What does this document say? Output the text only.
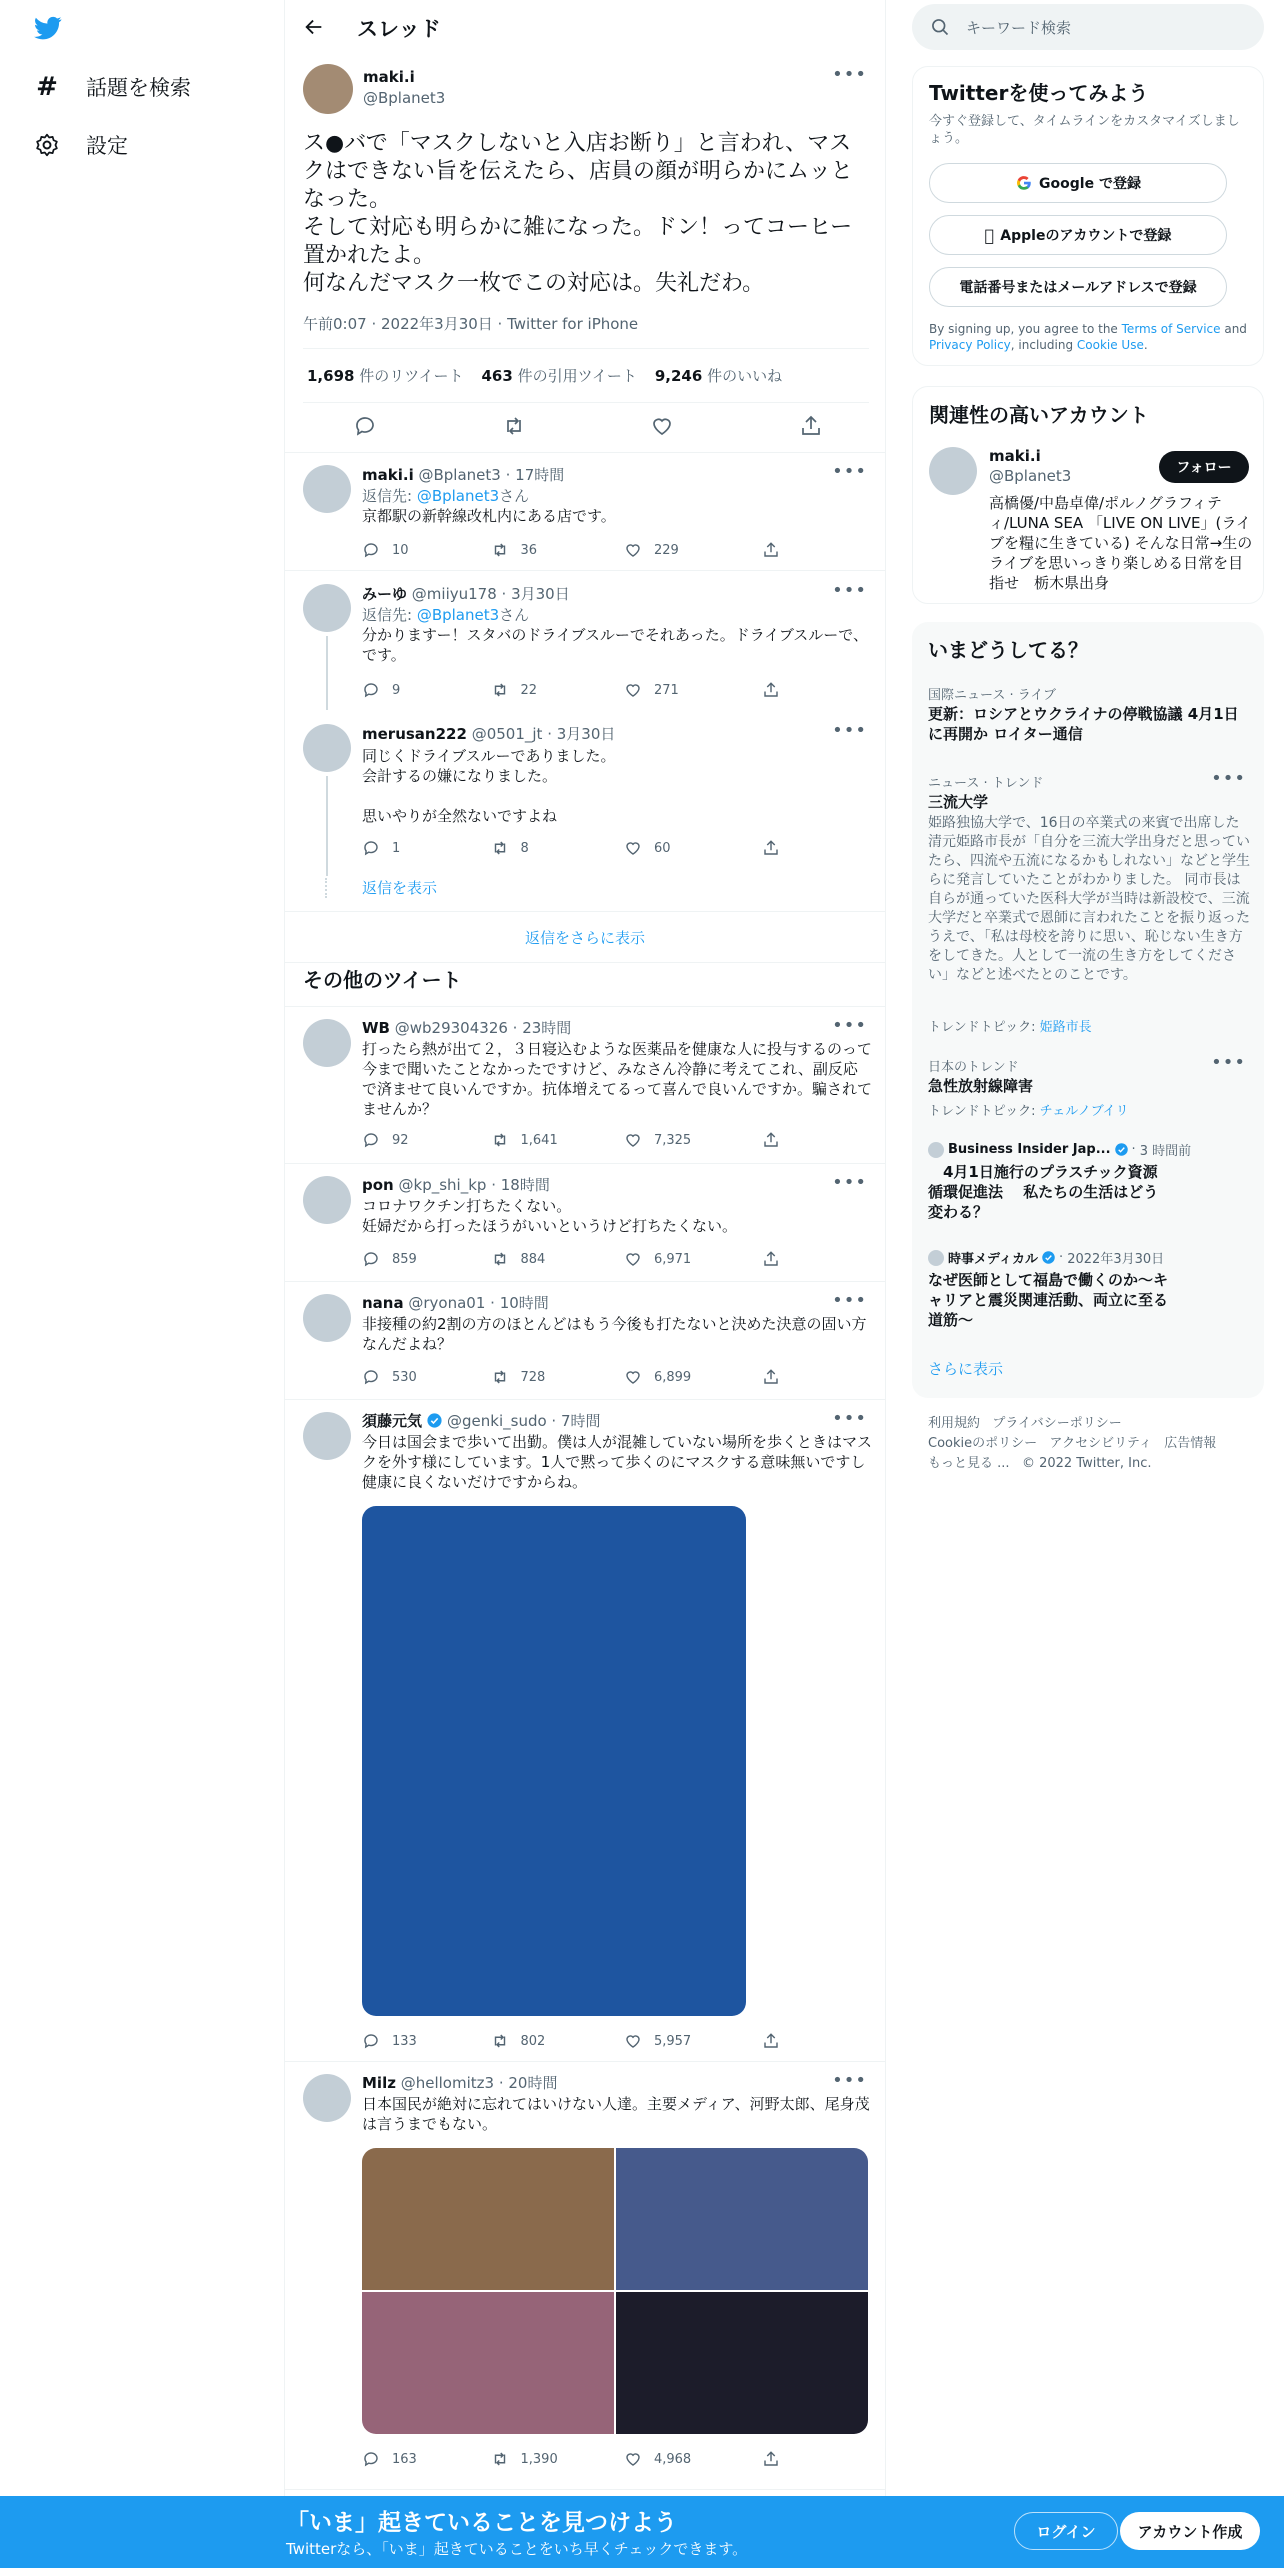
# 話題を検索
設定
スレッド
maki.i
@Bplanet3
•••
ス●バで「マスクしないと入店お断り」と言われ、マスクはできない旨を伝えたら、店員の顔が明らかにムッとなった。
そして対応も明らかに雑になった。ドン！ってコーヒー置かれたよ。
何なんだマスク一枚でこの対応は。失礼だわ。
午前0:07 · 2022年3月30日 · Twitter for iPhone
1,698 件のリツイート 463 件の引用ツイート 9,246 件のいいね
maki.i @Bplanet3 · 17時間	•••
返信先: @Bplanet3さん
京都駅の新幹線改札内にある店です。
10	36	229
みーゆ @miiyu178 · 3月30日	•••
返信先: @Bplanet3さん
分かりますー！スタバのドライブスルーでそれあった。ドライブスルーで、です。
9	22	271
merusan222 @0501_jt · 3月30日	•••
同じくドライブスルーでありました。
会計するの嫌になりました。

思いやりが全然ないですよね
1	8	60
返信を表示
返信をさらに表示
その他のツイート
WB @wb29304326 · 23時間	•••
打ったら熱が出て２，３日寝込むような医薬品を健康な人に投与するのって今まで聞いたことなかったですけど、みなさん冷静に考えてこれ、副反応で済ませて良いんですか。抗体増えてるって喜んで良いんですか。騙されてませんか？
92	1,641	7,325
pon @kp_shi_kp · 18時間	•••
コロナワクチン打ちたくない。
妊婦だから打ったほうがいいというけど打ちたくない。
859	884	6,971
nana @ryona01 · 10時間	•••
非接種の約2割の方のほとんどはもう今後も打たないと決めた決意の固い方なんだよね？
530	728	6,899
須藤元気 @genki_sudo · 7時間	•••
今日は国会まで歩いて出勤。僕は人が混雑していない場所を歩くときはマスクを外す様にしています。1人で黙って歩くのにマスクする意味無いですし健康に良くないだけですからね。
133	802	5,957
Milz @hellomitz3 · 20時間	•••
日本国民が絶対に忘れてはいけない人達。主要メディア、河野太郎、尾身茂は言うまでもない。
163	1,390	4,968
キーワード検索
Twitterを使ってみよう
今すぐ登録して、タイムラインをカスタマイズしましょう。
Google で登録
Appleのアカウントで登録
電話番号またはメールアドレスで登録
By signing up, you agree to the Terms of Service and Privacy Policy, including Cookie Use.
関連性の高いアカウント
maki.i
@Bplanet3	フォロー
高橋優/中島卓偉/ポルノグラフィティ/LUNA SEA 「LIVE ON LIVE」(ライブを糧に生きている) そんな日常→生のライブを思いっきり楽しめる日常を目指せ　栃木県出身
いまどうしてる？
国際ニュース · ライブ
更新：ロシアとウクライナの停戦協議 4月1日に再開か ロイター通信
ニュース · トレンド	•••
三流大学
姫路独協大学で、16日の卒業式の来賓で出席した清元姫路市長が「自分を三流大学出身だと思っていたら、四流や五流になるかもしれない」などと学生らに発言していたことがわかりました。 同市長は自らが通っていた医科大学が当時は新設校で、三流大学だと卒業式で恩師に言われたことを振り返ったうえで、「私は母校を誇りに思い、恥じない生き方をしてきた。人として一流の生き方をしてください」などと述べたとのことです。
トレンドトピック: 姫路市長
日本のトレンド	•••
急性放射線障害
トレンドトピック: チェルノブイリ
Business Insider Jap... · 3 時間前
　4月1日施行のプラスチック資源循環促進法　 私たちの生活はどう変わる？
時事メディカル · 2022年3月30日
なぜ医師として福島で働くのか～キャリアと震災関連活動、両立に至る道筋～
さらに表示
利用規約 プライバシーポリシー
Cookieのポリシー アクセシビリティ 広告情報
もっと見る ... © 2022 Twitter, Inc.
「いま」起きていることを見つけよう
Twitterなら、「いま」起きていることをいち早くチェックできます。
ログイン	アカウント作成
